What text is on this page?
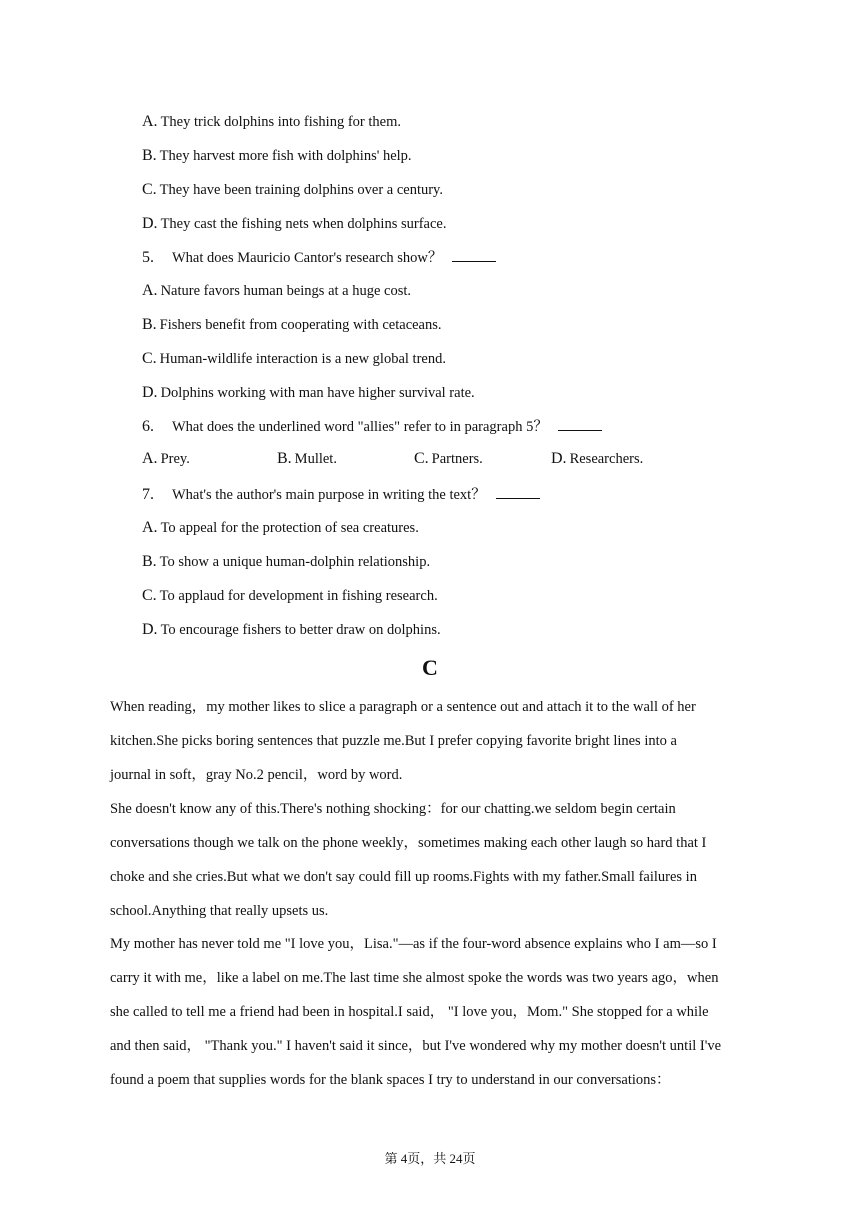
A. They trick dolphins into fishing for them.
B. They harvest more fish with dolphins' help.
C. They have been training dolphins over a century.
D. They cast the fishing nets when dolphins surface.
5. What does Mauricio Cantor's research show？
A. Nature favors human beings at a huge cost.
B. Fishers benefit from cooperating with cetaceans.
C. Human-wildlife interaction is a new global trend.
D. Dolphins working with man have higher survival rate.
6. What does the underlined word "allies" refer to in paragraph 5？
A. Prey.	B. Mullet.	C. Partners.	D. Researchers.
7. What's the author's main purpose in writing the text？
A. To appeal for the protection of sea creatures.
B. To show a unique human-dolphin relationship.
C. To applaud for development in fishing research.
D. To encourage fishers to better draw on dolphins.
C
When reading，my mother likes to slice a paragraph or a sentence out and attach it to the wall of her
kitchen.She picks boring sentences that puzzle me.But I prefer copying favorite bright lines into a
journal in soft，gray No.2 pencil，word by word.
She doesn't know any of this.There's nothing shocking：for our chatting.we seldom begin certain
conversations though we talk on the phone weekly，sometimes making each other laugh so hard that I
choke and she cries.But what we don't say could fill up rooms.Fights with my father.Small failures in
school.Anything that really upsets us.
My mother has never told me "I love you，Lisa."—as if the four-word absence explains who I am—so I
carry it with me，like a label on me.The last time she almost spoke the words was two years ago，when
she called to tell me a friend had been in hospital.I said， "I love you，Mom." She stopped for a while
and then said， "Thank you." I haven't said it since，but I've wondered why my mother doesn't until I've
found a poem that supplies words for the blank spaces I try to understand in our conversations：
第 4页，共 24页
